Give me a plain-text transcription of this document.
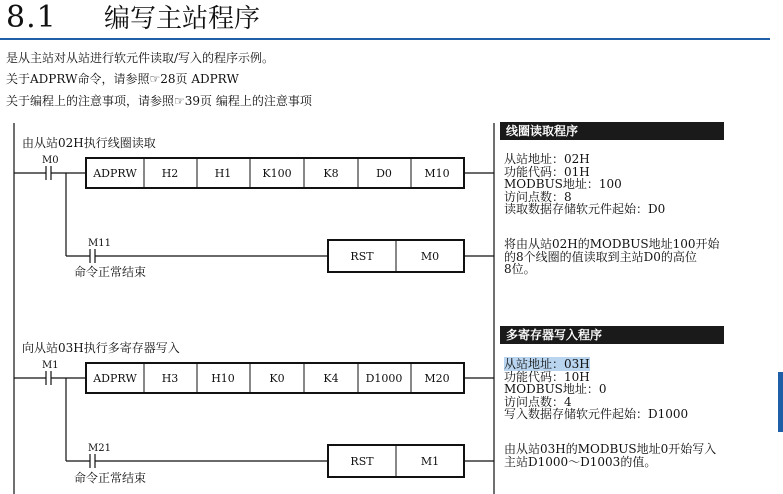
8.1 编写主站程序
是从主站对从站进行软元件读取/写入的程序示例。
关于ADPRW命令，请参照☞28页 ADPRW
关于编程上的注意事项，请参照☞39页 编程上的注意事项
ADPRW H2	H1	K100	K8	D0	M10
RST	M0
ADPRW H3	H10	K0	K4 D1000 M20
RST	M1
M0
M11
M1
M21
由从站02H执行线圈读取
命令正常结束
向从站03H执行多寄存器写入
命令正常结束
线圈读取程序
从站地址：02H
功能代码：01H
MODBUS地址：100
访问点数：8
读取数据存储软元件起始：D0
将由从站02H的MODBUS地址100开始
的8个线圈的值读取到主站D0的高位
8位。
多寄存器写入程序
从站地址：03H
功能代码：10H
MODBUS地址：0
访问点数：4
写入数据存储软元件起始：D1000
由从站03H的MODBUS地址0开始写入
主站D1000～D1003的值。
